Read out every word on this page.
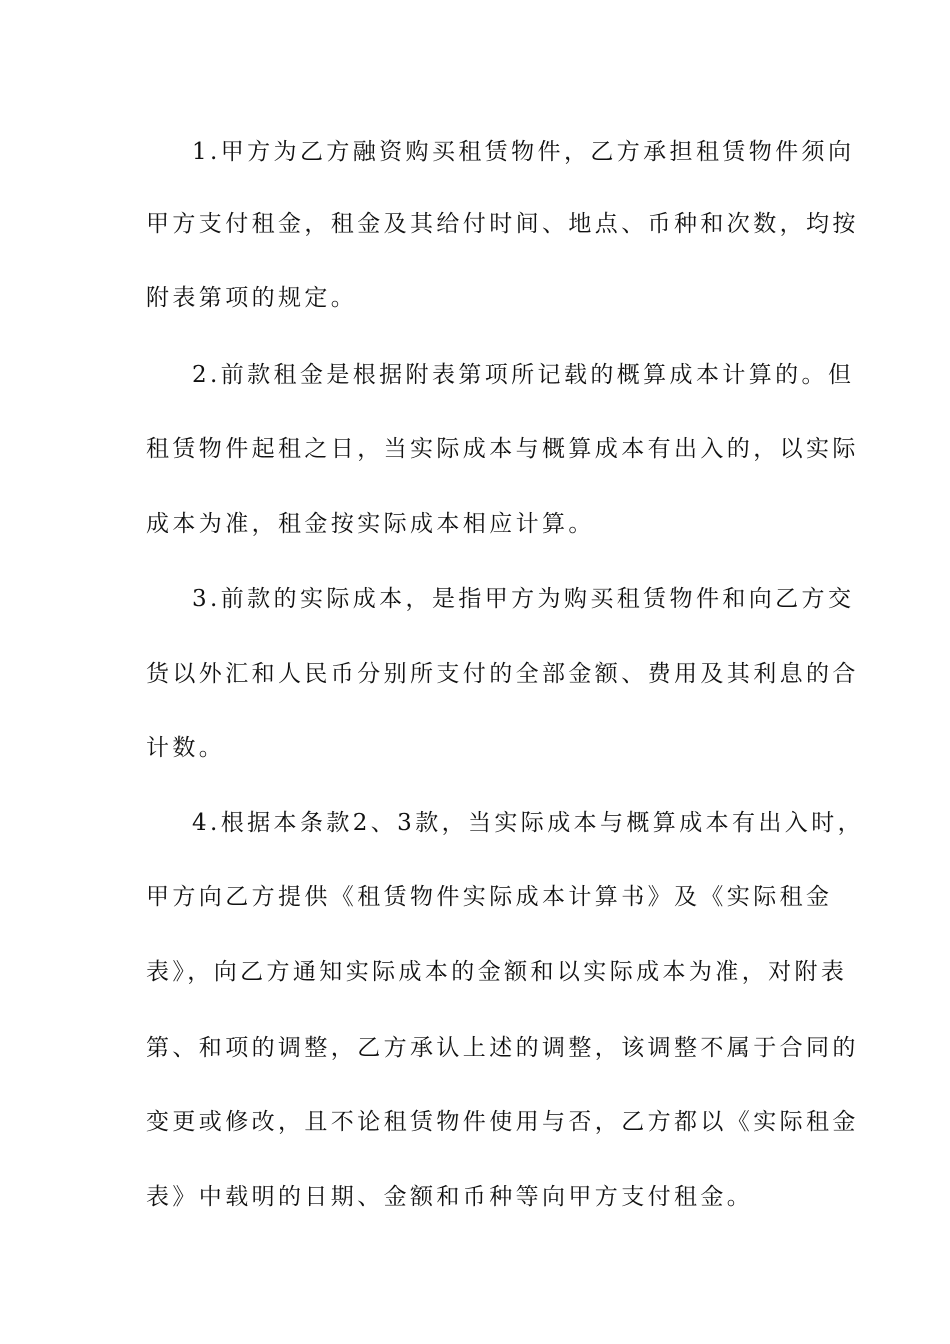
1.甲方为乙方融资购买租赁物件，乙方承担租赁物件须向
甲方支付租金，租金及其给付时间、地点、币种和次数，均按
附表第项的规定。
2.前款租金是根据附表第项所记载的概算成本计算的。但
租赁物件起租之日，当实际成本与概算成本有出入的，以实际
成本为准，租金按实际成本相应计算。
3.前款的实际成本，是指甲方为购买租赁物件和向乙方交
货以外汇和人民币分别所支付的全部金额、费用及其利息的合
计数。
4.根据本条款2、3款，当实际成本与概算成本有出入时，
甲方向乙方提供《租赁物件实际成本计算书》及《实际租金
表》，向乙方通知实际成本的金额和以实际成本为准，对附表
第、和项的调整，乙方承认上述的调整，该调整不属于合同的
变更或修改，且不论租赁物件使用与否，乙方都以《实际租金
表》中载明的日期、金额和币种等向甲方支付租金。
